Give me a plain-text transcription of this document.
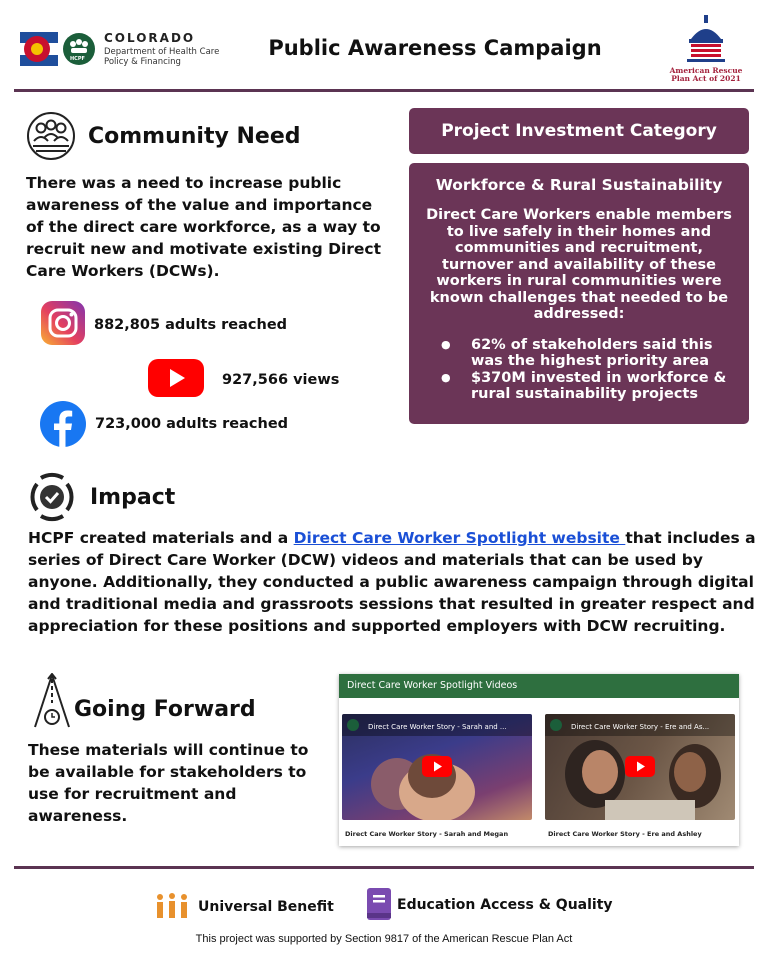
HCPF
COLORADO
Department of Health Care
Policy & Financing
Public Awareness Campaign
American Rescue
Plan Act of 2021
Community Need
There was a need to increase public awareness of the value and importance of the direct care workforce, as a way to recruit new and motivate existing Direct Care Workers (DCWs).
882,805 adults reached
927,566 views
723,000 adults reached
Project Investment Category
Workforce & Rural Sustainability
Direct Care Workers enable members to live safely in their homes and communities and recruitment, turnover and availability of these workers in rural communities were known challenges that needed to be addressed:
● 62% of stakeholders said this was the highest priority area
● $370M invested in workforce & rural sustainability projects
Impact
HCPF created materials and a Direct Care Worker Spotlight website that includes a series of Direct Care Worker (DCW) videos and materials that can be used by anyone. Additionally, they conducted a public awareness campaign through digital and traditional media and grassroots sessions that resulted in greater respect and appreciation for these positions and supported employers with DCW recruiting.
Going Forward
These materials will continue to be available for stakeholders to use for recruitment and awareness.
Direct Care Worker Spotlight Videos
Direct Care Worker Story - Sarah and ...
Direct Care Worker Story - Sarah and Megan
Direct Care Worker Story - Ere and As...
Direct Care Worker Story - Ere and Ashley
Universal Benefit	Education Access & Quality
This project was supported by Section 9817 of the American Rescue Plan Act
